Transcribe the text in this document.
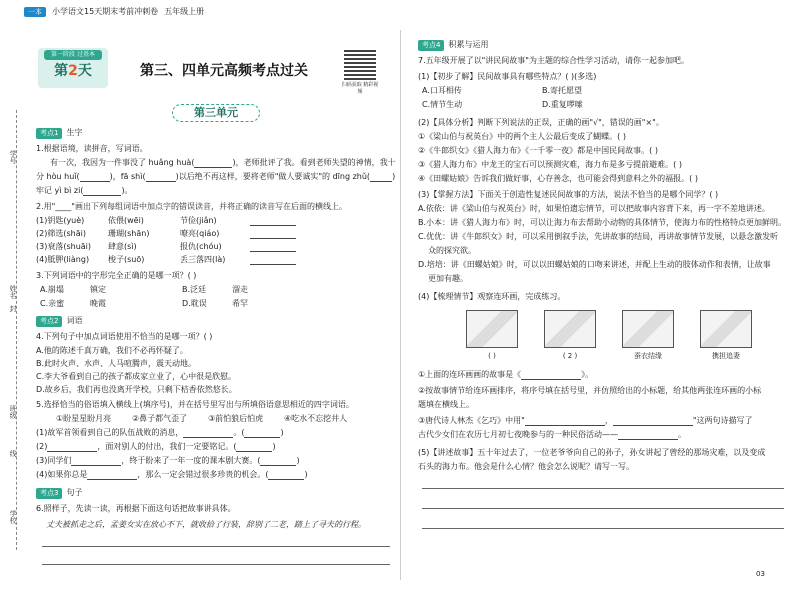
一本	小学语文15天期末考前冲刺卷 五年级上册
学号
姓名
封
班级
线
学校
第一阶段 过基本
第2天	第三、四单元高频考点过关
扫码获取 精彩视频
第三单元
考点1 生字
1.根据语境，读拼音，写词语。
有一次，我因为一件事没了 huǎng huà(	)，老师批评了我。看到老师失望的神情，我十
分 hòu huǐ(	)，fā shì(	)以后绝不再这样，要将老师"做人要诚实"的 dīng zhǔ(	)
牢记 yì bì zi(	)。
2.用"____"画出下列每组词语中加点字的错误读音，并将正确的读音写在后面的横线上。
(1)钥匙(yuè)	依偎(wēi)	节俭(jiǎn)
(2)筛选(shāi)	珊瑚(shān)	嘹亮(qiáo)
(3)衰落(shuāi) 肆意(sì)	报仇(chóu)
(4)胝胛(liàng) 梭子(suō)	丢三落四(là)
3.下列词语中的字形完全正确的是哪一项？( )
A.崩塌	镇定	B.泛廷	溜走
C.亲蜜	晚霞	D.耽误	希罕
考点2 词语
4.下列句子中加点词语使用不恰当的是哪一项？( )
A.他的陈述千真万确，我们不必再怀疑了。
B.此时火声、水声、人马喧腾声，震天动地。
C.李大爷看到自己的孩子都成家立业了，心中很是欣慰。
D.故乡后，我们再也没离开学校，只剩下桔香依然悠长。
5.选择恰当的俗语填入横线上(填序号)，并在括号里写出与所填俗语意思相近的四字词语。
①盼星星盼月亮	②鼻子都气歪了	③前怕狼后怕虎	④吃水不忘挖井人
(1)故军首领看到自己的队伍战败的消息，	。(	)
(2)	，面对别人的付出，我们一定要铭记。(	)
(3)同学们	，终于盼来了一年一度的课本剧大赛。(	)
(4)如果你总是	，那么一定会错过很多珍贵的机会。(	)
考点3 句子
6.照样子，先读一读，再根据下面这句话把故事讲具体。
丈夫被抓走之后，孟姜女实在放心不下，就收拾了行装，辞别了二老，踏上了寻夫的行程。
考点4 积累与运用
7.五年级开展了以"讲民间故事"为主题的综合性学习活动，请你一起参加吧。
(1)【初步了解】民间故事具有哪些特点？( )(多选)
A.口耳相传	B.寄托愿望
C.情节生动	D.重复啰嗦
(2)【具体分析】判断下列说法的正误，正确的画"√"，错误的画"×"。
①《梁山伯与祝英台》中的两个主人公最后变成了蝴蝶。( )
②《牛郎织女》《猎人海力布》《一千零一夜》都是中国民间故事。( )
③《猎人海力布》中龙王的宝石可以预测灾难，海力布是多亏提前避难。( )
④《田螺姑娘》告诉我们做好事，心存善念，也可能会得到意料之外的福报。( )
(3)【掌握方法】下面关于创造性复述民间故事的方法，说法不恰当的是哪个同学？( )
A.依依：讲《梁山伯与祝英台》时，如果怕遗忘情节，可以把故事内容背下来，再一字不差地讲述。
B.小本：讲《猎人海力布》时，可以让海力布去帮助小动物的具体情节，使海力布的性格特点更加鲜明。
C.优优：讲《牛郎织女》时，可以采用倒叙手法，先讲故事的结局，再讲故事情节发展，以悬念激发听
众的探究欲。
D.培培：讲《田螺姑娘》时，可以以田螺姑娘的口吻来讲述，并配上生动的肢体动作和表情，让故事
更加有趣。
(4)【梳理情节】观察连环画，完成练习。
( )	( 2 )	蚕衣结缘	携担追妻
①上面的连环画画的故事是《	》。
②按故事情节给连环画排序，将序号填在括号里，并仿照给出的小标题，给其他两张连环画的小标
题填在横线上。
③唐代诗人林杰《乞巧》中用"	，	"这两句诗描写了
古代少女们在农历七月初七夜晚参与的一种民俗活动——	。
(5)【讲述故事】五十年过去了，一位老爷爷向自己的孙子，孙女讲起了曾经的那场灾难，以及变成
石头的海力布。他会是什么心情？他会怎么说呢？请写一写。
03
